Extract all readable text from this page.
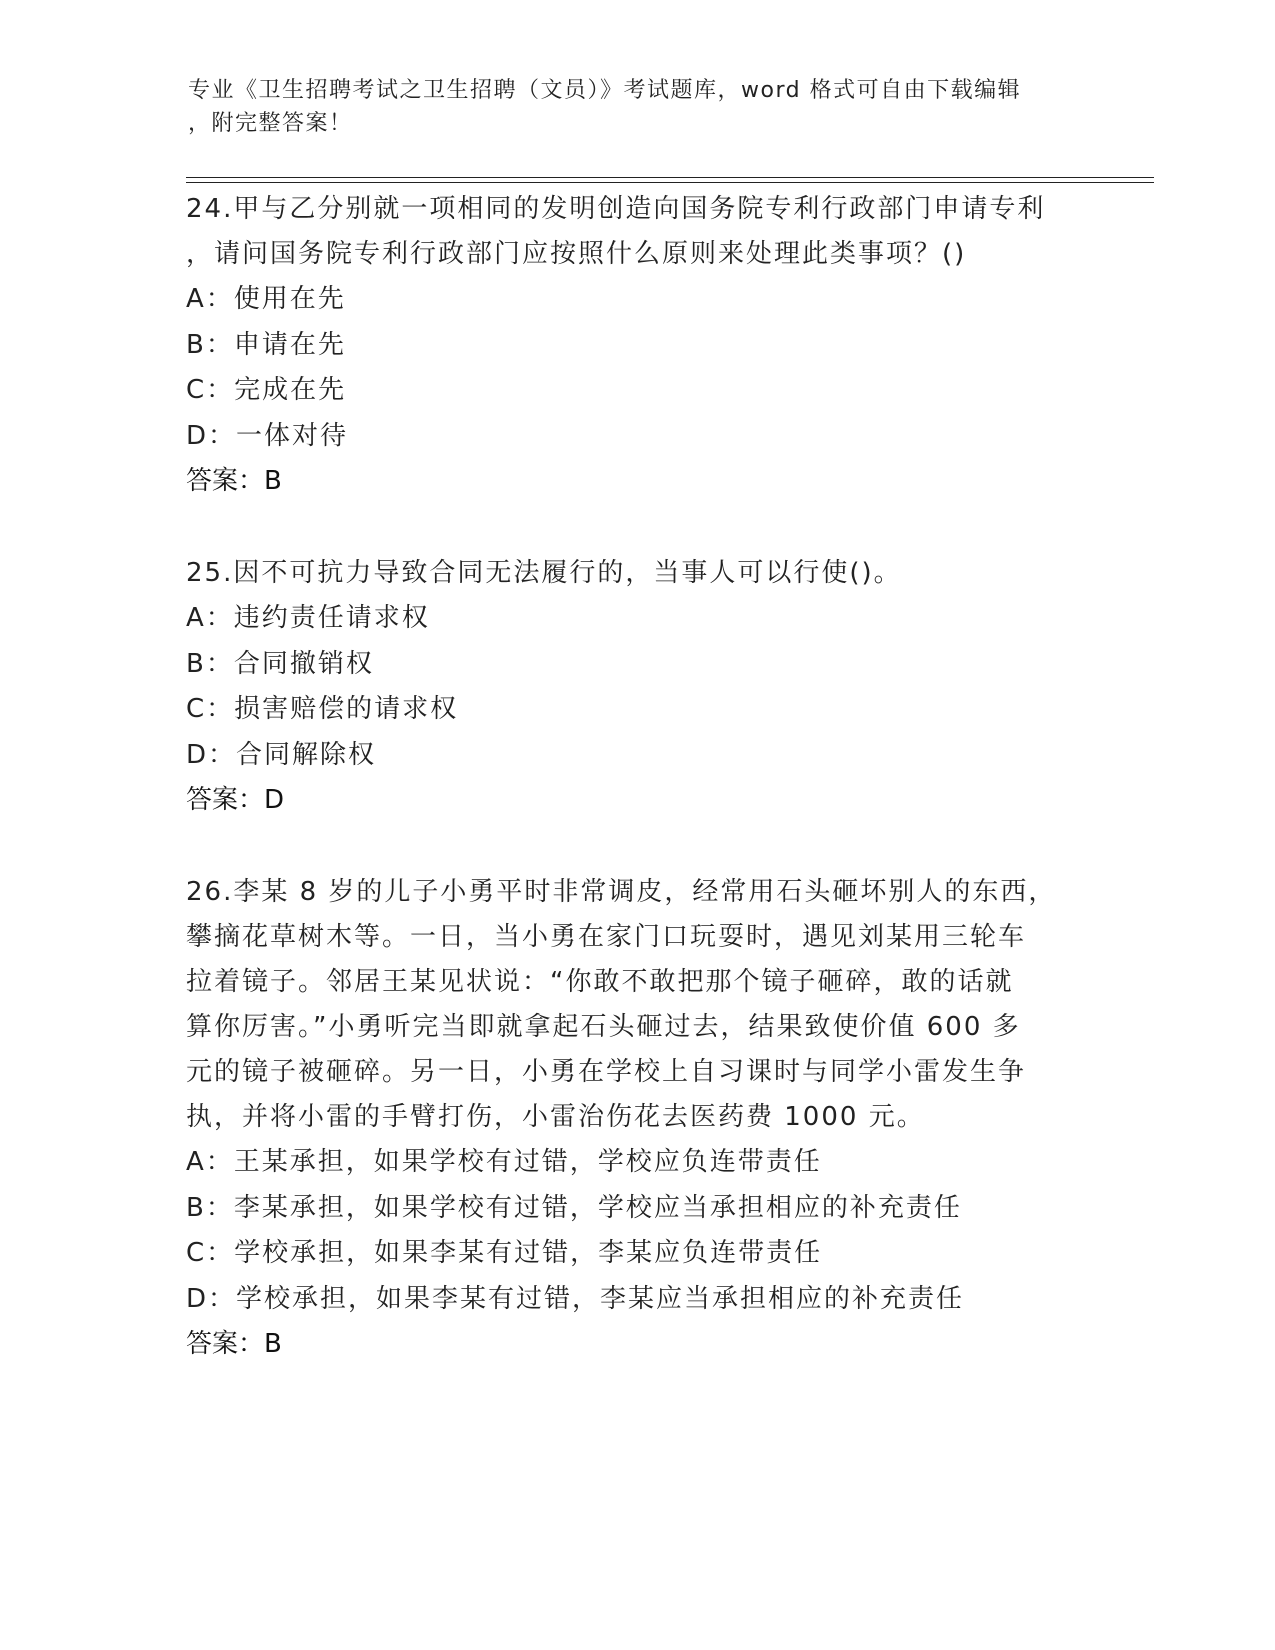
专业《卫生招聘考试之卫生招聘（文员）》考试题库，word 格式可自由下载编辑
，附完整答案！
24.甲与乙分别就一项相同的发明创造向国务院专利行政部门申请专利
，请问国务院专利行政部门应按照什么原则来处理此类事项？()
A：使用在先
B：申请在先
C：完成在先
D：一体对待
答案：B
25.因不可抗力导致合同无法履行的，当事人可以行使()。
A：违约责任请求权
B：合同撤销权
C：损害赔偿的请求权
D：合同解除权
答案：D
26.李某 8 岁的儿子小勇平时非常调皮，经常用石头砸坏别人的东西，
攀摘花草树木等。一日，当小勇在家门口玩耍时，遇见刘某用三轮车
拉着镜子。邻居王某见状说：“你敢不敢把那个镜子砸碎，敢的话就
算你厉害。”小勇听完当即就拿起石头砸过去，结果致使价值 600 多
元的镜子被砸碎。另一日，小勇在学校上自习课时与同学小雷发生争
执，并将小雷的手臂打伤，小雷治伤花去医药费 1000 元。
A：王某承担，如果学校有过错，学校应负连带责任
B：李某承担，如果学校有过错，学校应当承担相应的补充责任
C：学校承担，如果李某有过错，李某应负连带责任
D：学校承担，如果李某有过错，李某应当承担相应的补充责任
答案：B
